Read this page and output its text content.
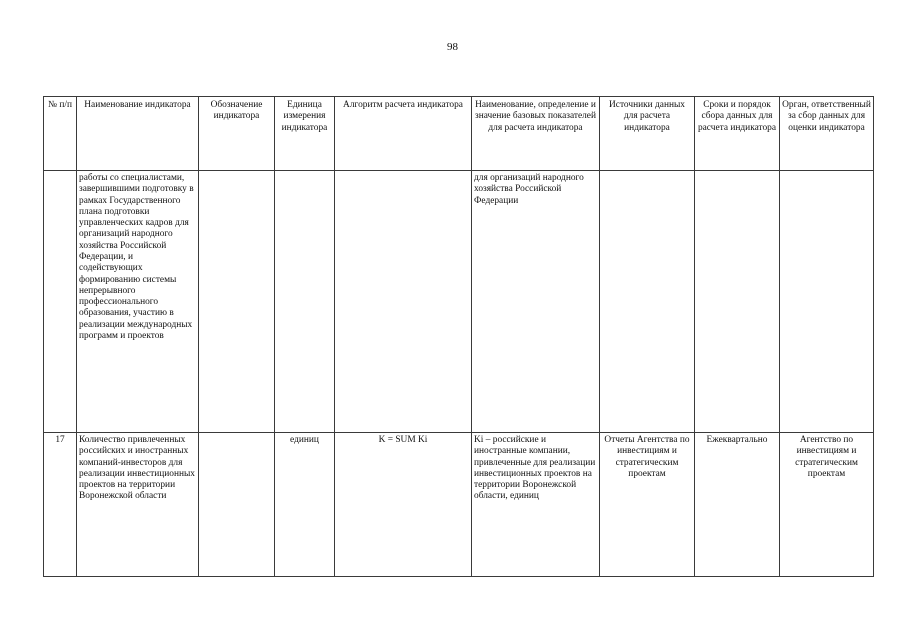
98
№ п/п	Наименование индикатора	Обозначение индикатора	Единица измерения индикатора	Алгоритм расчета индикатора	Наименование, определение и значение базовых показателей для расчета индикатора	Источники данных для расчета индикатора	Сроки и порядок сбора данных для расчета индикатора	Орган, ответственный за сбор данных для оценки индикатора
	работы со специалистами, завершившими подготовку в рамках Государственного плана подготовки управленческих кадров для организаций народного хозяйства Российской Федерации, и содействующих формированию системы непрерывного профессионального образования, участию в реализации международных программ и проектов				для организаций народного хозяйства Российской Федерации			
17	Количество привлеченных российских и иностранных компаний-инвесторов для реализации инвестиционных проектов на территории Воронежской области		единиц	K = SUM Ki	Ki – российские и иностранные компании, привлеченные для реализации инвестиционных проектов на территории Воронежской области, единиц	Отчеты Агентства по инвестициям и стратегическим проектам	Ежеквартально	Агентство по инвестициям и стратегическим проектам
